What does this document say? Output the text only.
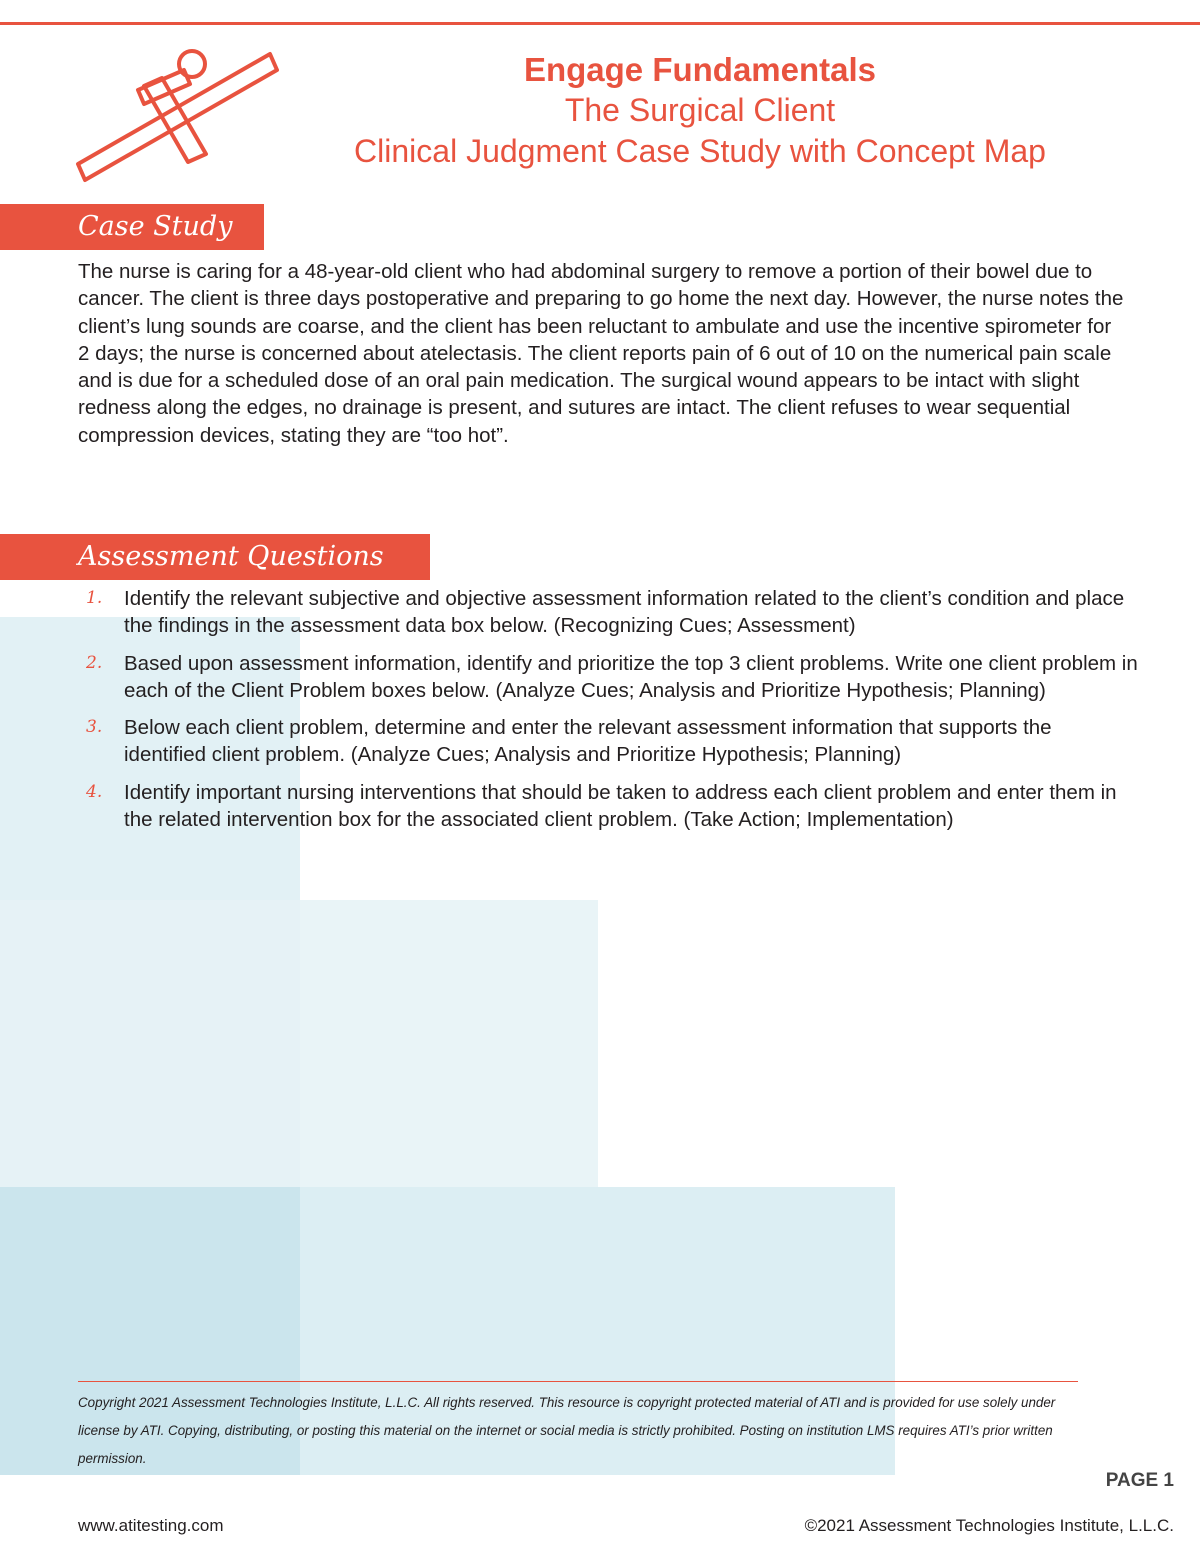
Engage Fundamentals
The Surgical Client
Clinical Judgment Case Study with Concept Map
Case Study

The nurse is caring for a 48-year-old client who had abdominal surgery to remove a portion of their bowel due to cancer. The client is three days postoperative and preparing to go home the next day. However, the nurse notes the client’s lung sounds are coarse, and the client has been reluctant to ambulate and use the incentive spirometer for 2 days; the nurse is concerned about atelectasis. The client reports pain of 6 out of 10 on the numerical pain scale and is due for a scheduled dose of an oral pain medication. The surgical wound appears to be intact with slight redness along the edges, no drainage is present, and sutures are intact. The client refuses to wear sequential compression devices, stating they are “too hot”.

Assessment Questions
1. Identify the relevant subjective and objective assessment information related to the client’s condition and place the findings in the assessment data box below. (Recognizing Cues; Assessment)
2. Based upon assessment information, identify and prioritize the top 3 client problems. Write one client problem in each of the Client Problem boxes below. (Analyze Cues; Analysis and Prioritize Hypothesis; Planning)
3. Below each client problem, determine and enter the relevant assessment information that supports the identified client problem. (Analyze Cues; Analysis and Prioritize Hypothesis; Planning)
4. Identify important nursing interventions that should be taken to address each client problem and enter them in the related intervention box for the associated client problem. (Take Action; Implementation)

Copyright 2021 Assessment Technologies Institute, L.L.C. All rights reserved. This resource is copyright protected material of ATI and is provided for use solely under license by ATI. Copying, distributing, or posting this material on the internet or social media is strictly prohibited. Posting on institution LMS requires ATI’s prior written permission.

PAGE 1
www.atitesting.com	©2021 Assessment Technologies Institute, L.L.C.
